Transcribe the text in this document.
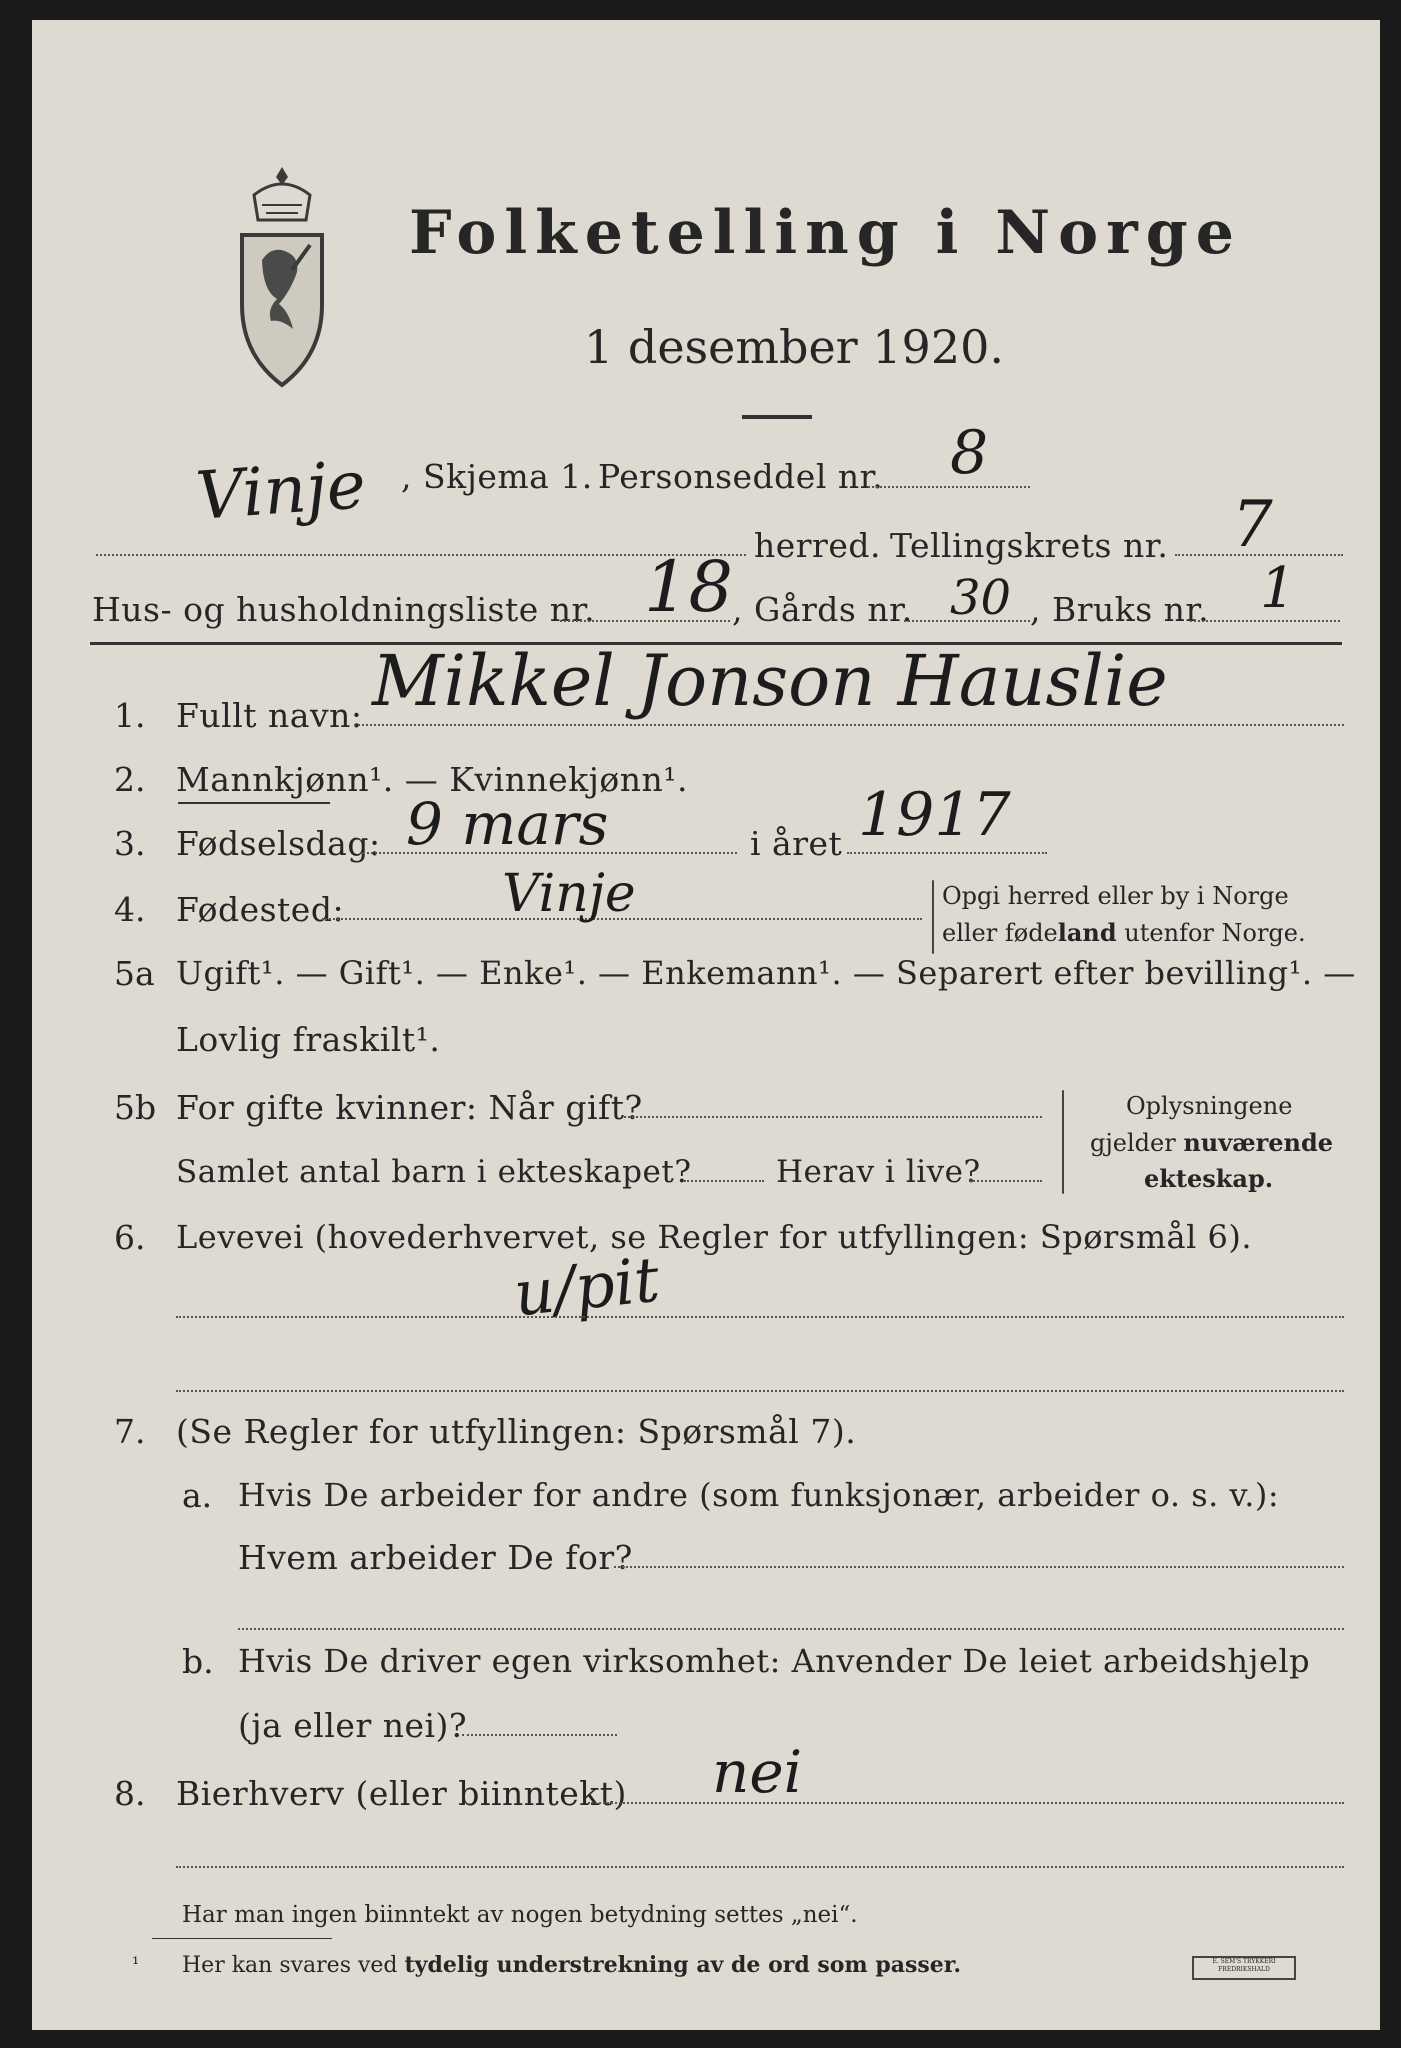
Folketelling i Norge
1 desember 1920.
Vinje , Skjema 1. Personseddel nr. 8
herred. Tellingskrets nr. 7
Hus- og husholdningsliste nr. 18
, Gårds nr. 30 , Bruks nr. 1
1. Fullt navn: Mikkel Jonson Hauslie
2. Mannkjønn¹. — Kvinnekjønn¹.
3. Fødselsdag: 9 mars	i året 1917
4. Fødested:	Vinje	Opgi herred eller by i Norge
eller fødeland utenfor Norge.
5a Ugift¹. — Gift¹. — Enke¹. — Enkemann¹. — Separert efter bevilling¹. —
Lovlig fraskilt¹.
5b For gifte kvinner: Når gift?
Samlet antal barn i ekteskapet?	Herav i live?
Oplysningene
gjelder nuværende
ekteskap.
6. Levevei (hovederhvervet, se Regler for utfyllingen: Spørsmål 6).
u/pit
7. (Se Regler for utfyllingen: Spørsmål 7).
a. Hvis De arbeider for andre (som funksjonær, arbeider o. s. v.):
Hvem arbeider De for?
b. Hvis De driver egen virksomhet: Anvender De leiet arbeidshjelp
(ja eller nei)?
8. Bierhverv (eller biinntekt) nei
Har man ingen biinntekt av nogen betydning settes „nei“.
¹ Her kan svares ved tydelig understrekning av de ord som passer.	E. SEM'S TRYKKERI FREDRIKSHALD
